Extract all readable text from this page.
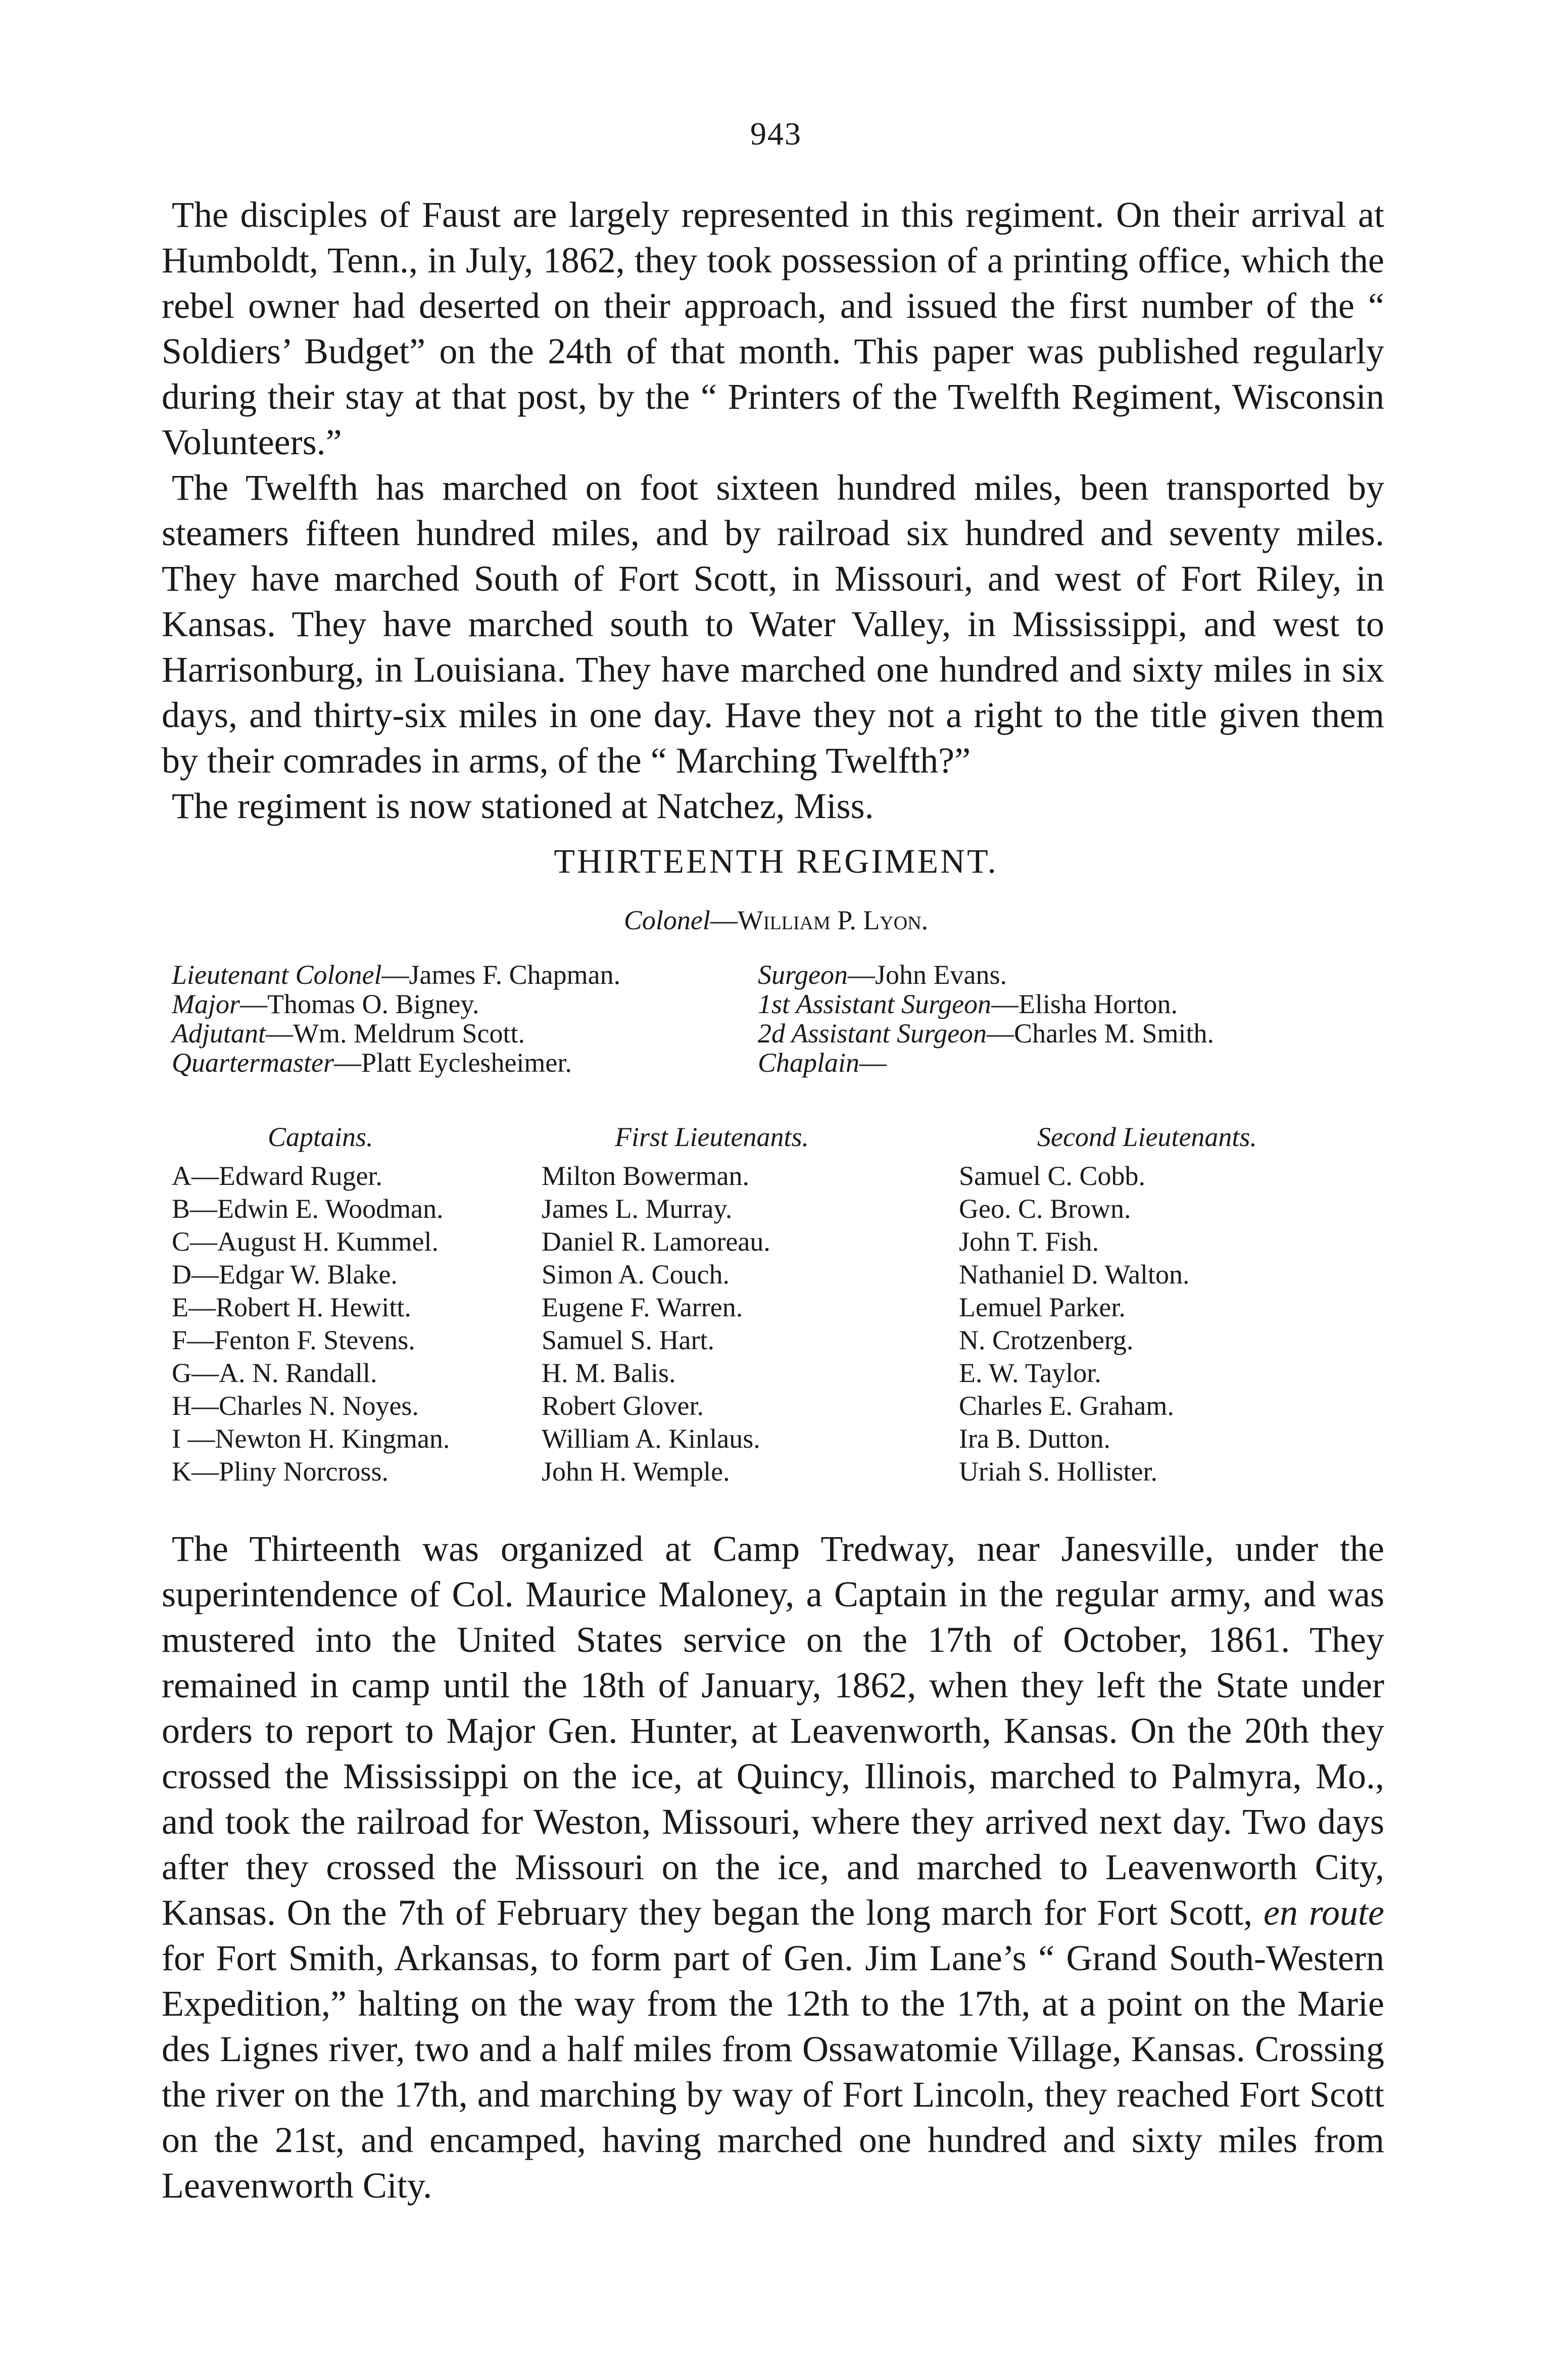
943

The disciples of Faust are largely represented in this regiment. On their arrival at Humboldt, Tenn., in July, 1862, they took possession of a printing office, which the rebel owner had deserted on their approach, and issued the first number of the “ Soldiers’ Budget” on the 24th of that month. This paper was published regularly during their stay at that post, by the “ Printers of the Twelfth Regiment, Wisconsin Volunteers.”

The Twelfth has marched on foot sixteen hundred miles, been transported by steamers fifteen hundred miles, and by railroad six hundred and seventy miles. They have marched South of Fort Scott, in Missouri, and west of Fort Riley, in Kansas. They have marched south to Water Valley, in Mississippi, and west to Harrisonburg, in Louisiana. They have marched one hundred and sixty miles in six days, and thirty-six miles in one day. Have they not a right to the title given them by their comrades in arms, of the “ Marching Twelfth?”

The regiment is now stationed at Natchez, Miss.

THIRTEENTH REGIMENT.
Colonel—William P. Lyon.
Lieutenant Colonel—James F. Chapman.
Major—Thomas O. Bigney.
Adjutant—Wm. Meldrum Scott.
Quartermaster—Platt Eyclesheimer.
Surgeon—John Evans.
1st Assistant Surgeon—Elisha Horton.
2d Assistant Surgeon—Charles M. Smith.
Chaplain—
Captains.
A—Edward Ruger.
B—Edwin E. Woodman.
C—August H. Kummel.
D—Edgar W. Blake.
E—Robert H. Hewitt.
F—Fenton F. Stevens.
G—A. N. Randall.
H—Charles N. Noyes.
I —Newton H. Kingman.
K—Pliny Norcross.
First Lieutenants.
Milton Bowerman.
James L. Murray.
Daniel R. Lamoreau.
Simon A. Couch.
Eugene F. Warren.
Samuel S. Hart.
H. M. Balis.
Robert Glover.
William A. Kinlaus.
John H. Wemple.
Second Lieutenants.
Samuel C. Cobb.
Geo. C. Brown.
John T. Fish.
Nathaniel D. Walton.
Lemuel Parker.
N. Crotzenberg.
E. W. Taylor.
Charles E. Graham.
Ira B. Dutton.
Uriah S. Hollister.

The Thirteenth was organized at Camp Tredway, near Janesville, under the superintendence of Col. Maurice Maloney, a Captain in the regular army, and was mustered into the United States service on the 17th of October, 1861. They remained in camp until the 18th of January, 1862, when they left the State under orders to report to Major Gen. Hunter, at Leavenworth, Kansas. On the 20th they crossed the Mississippi on the ice, at Quincy, Illinois, marched to Palmyra, Mo., and took the railroad for Weston, Missouri, where they arrived next day. Two days after they crossed the Missouri on the ice, and marched to Leavenworth City, Kansas. On the 7th of February they began the long march for Fort Scott, en route for Fort Smith, Arkansas, to form part of Gen. Jim Lane’s “ Grand South-Western Expedition,” halting on the way from the 12th to the 17th, at a point on the Marie des Lignes river, two and a half miles from Ossawatomie Village, Kansas. Crossing the river on the 17th, and marching by way of Fort Lincoln, they reached Fort Scott on the 21st, and encamped, having marched one hundred and sixty miles from Leavenworth City.
